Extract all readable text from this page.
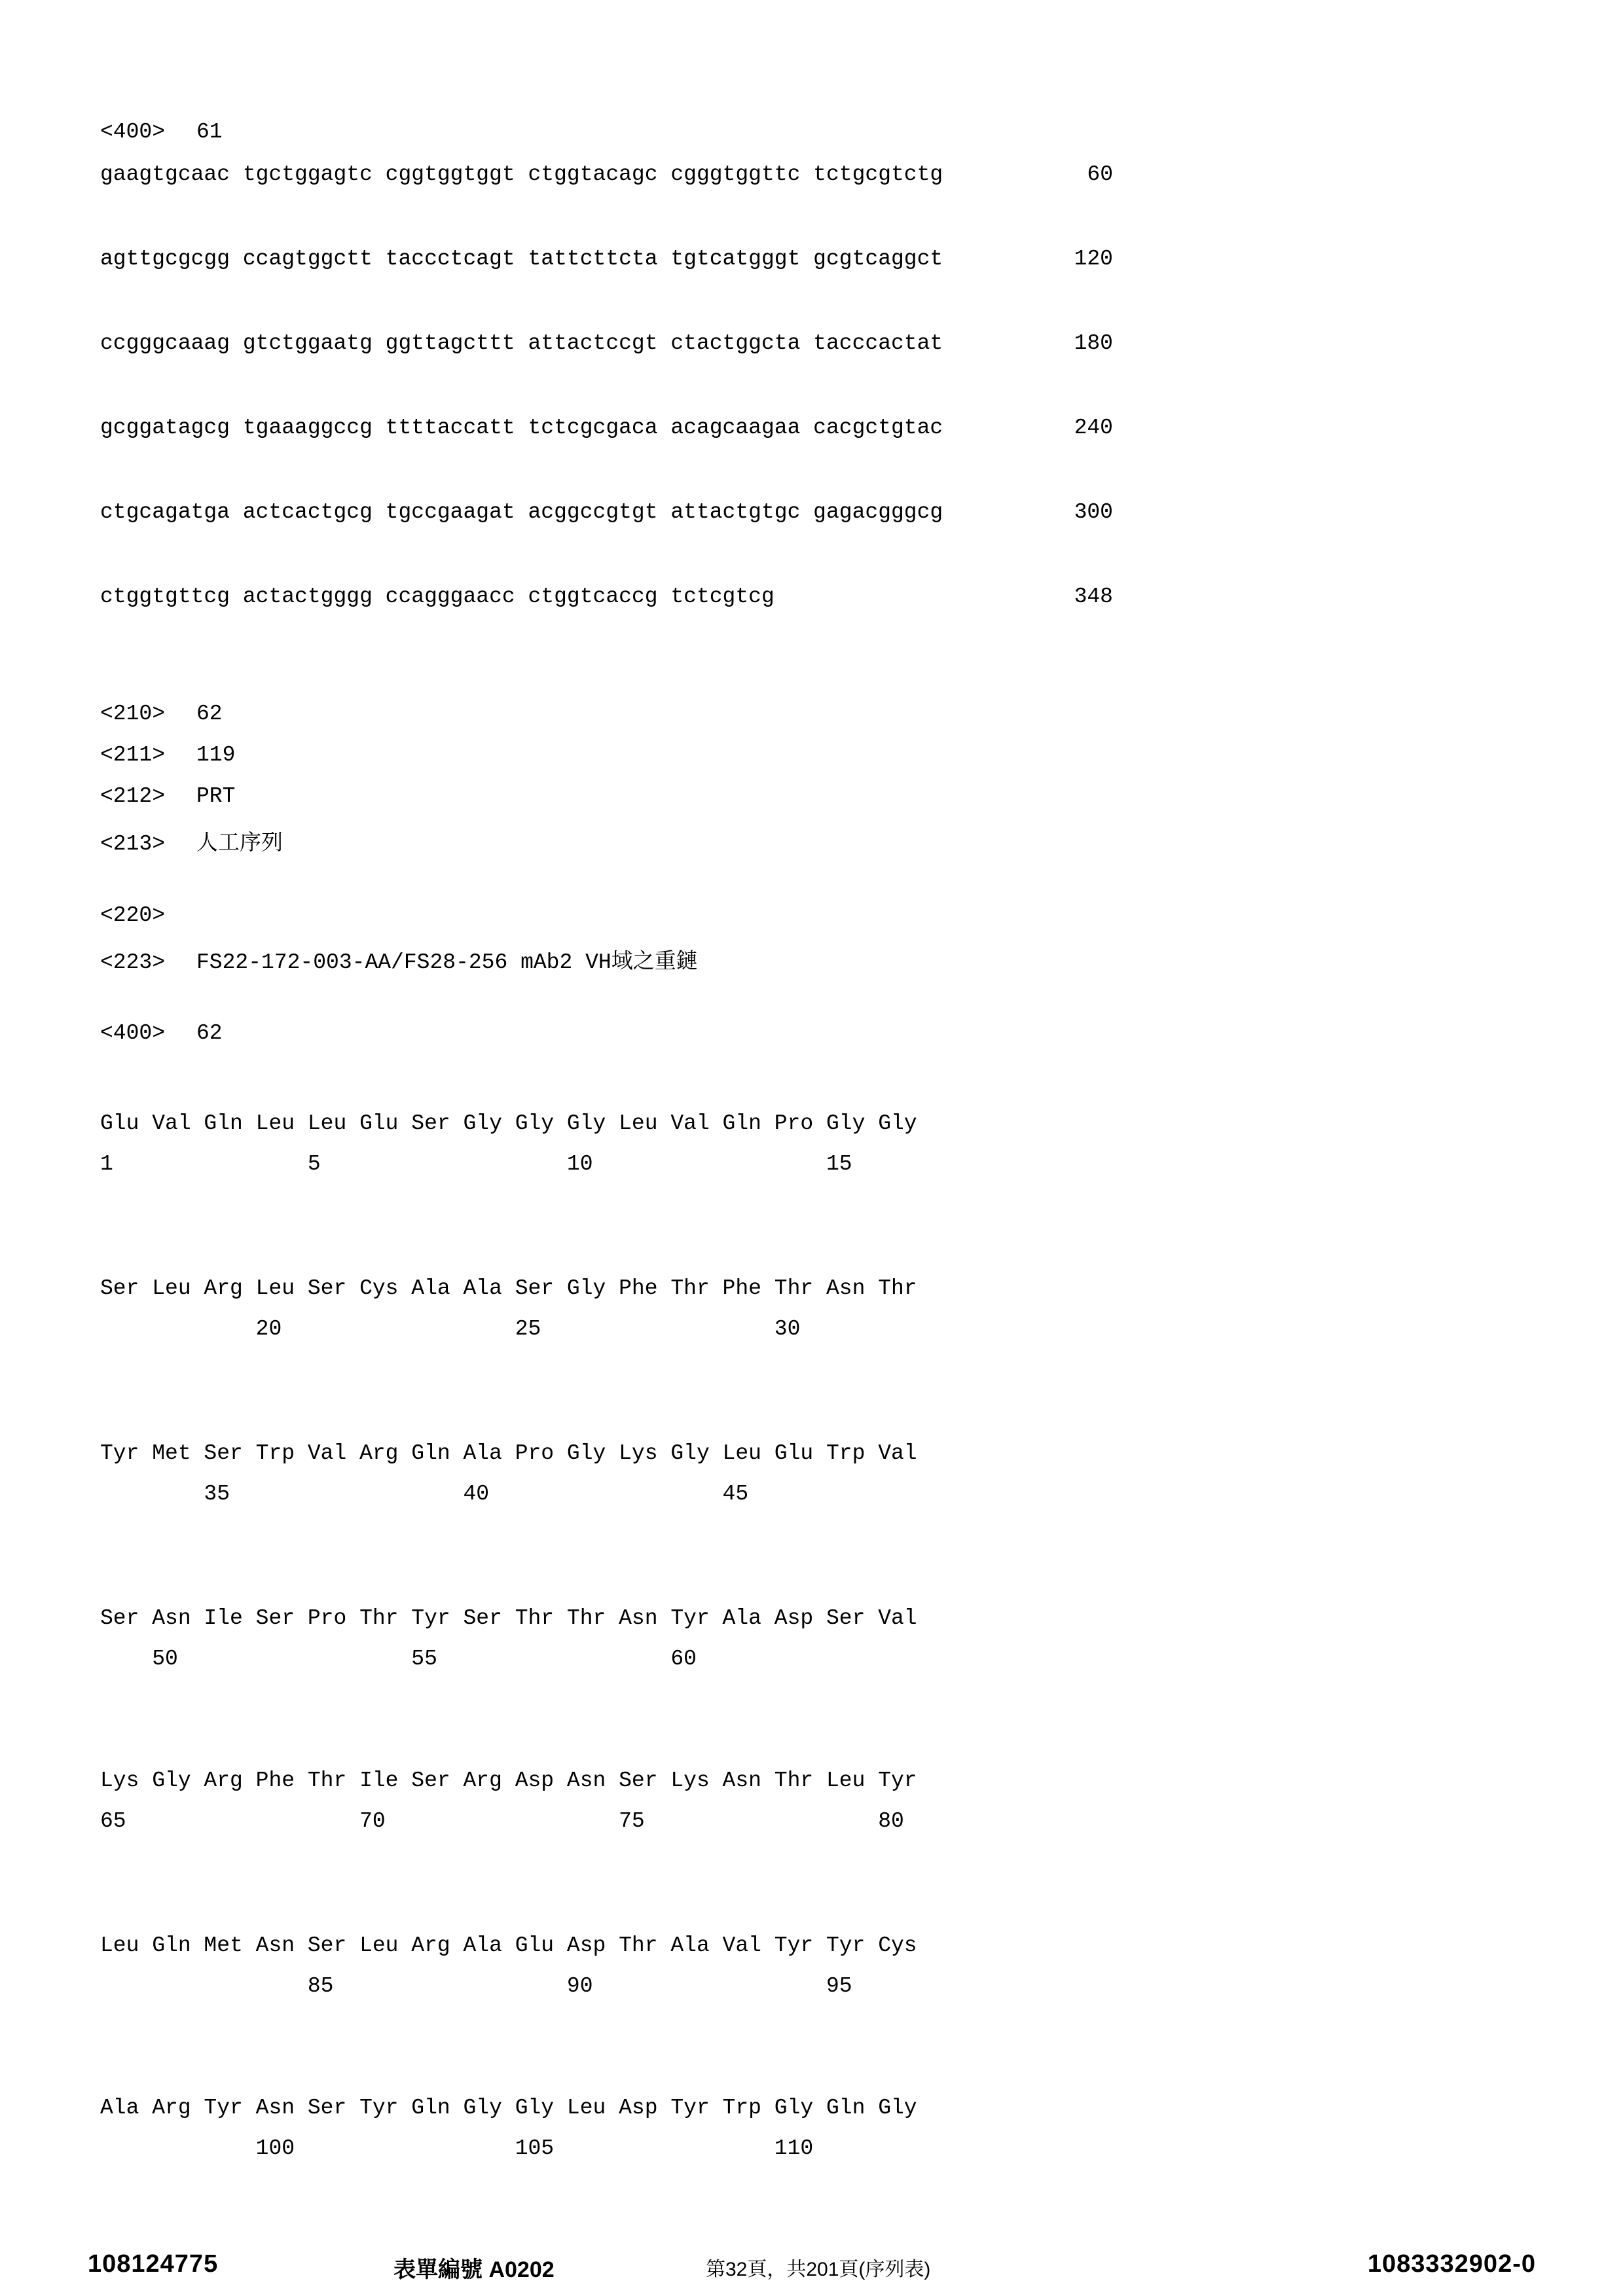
<400> 61
gaagtgcaac tgctggagtc cggtggtggt ctggtacagc cgggtggttc tctgcgtctg	60
agttgcgcgg ccagtggctt taccctcagt tattcttcta tgtcatgggt gcgtcaggct	120
ccgggcaaag gtctggaatg ggttagcttt attactccgt ctactggcta tacccactat	180
gcggatagcg tgaaaggccg ttttaccatt tctcgcgaca acagcaagaa cacgctgtac	240
ctgcagatga actcactgcg tgccgaagat acggccgtgt attactgtgc gagacgggcg	300
ctggtgttcg actactgggg ccagggaacc ctggtcaccg tctcgtcg	348
<210> 62
<211> 119
<212> PRT
<213> 人工序列
<220>
<223> FS22-172-003-AA/FS28-256 mAb2 VH域之重鏈
<400> 62
Glu Val Gln Leu Leu Glu Ser Gly Gly Gly Leu Val Gln Pro Gly Gly
1               5                   10                  15
Ser Leu Arg Leu Ser Cys Ala Ala Ser Gly Phe Thr Phe Thr Asn Thr
20                  25                  30
Tyr Met Ser Trp Val Arg Gln Ala Pro Gly Lys Gly Leu Glu Trp Val
35                  40                  45
Ser Asn Ile Ser Pro Thr Tyr Ser Thr Thr Asn Tyr Ala Asp Ser Val
50                  55                  60
Lys Gly Arg Phe Thr Ile Ser Arg Asp Asn Ser Lys Asn Thr Leu Tyr
65                  70                  75                  80
Leu Gln Met Asn Ser Leu Arg Ala Glu Asp Thr Ala Val Tyr Tyr Cys
85                  90                  95
Ala Arg Tyr Asn Ser Tyr Gln Gly Gly Leu Asp Tyr Trp Gly Gln Gly
100                 105                 110
108124775	表單編號 A0202	第32頁，共201頁(序列表)	1083332902-0
